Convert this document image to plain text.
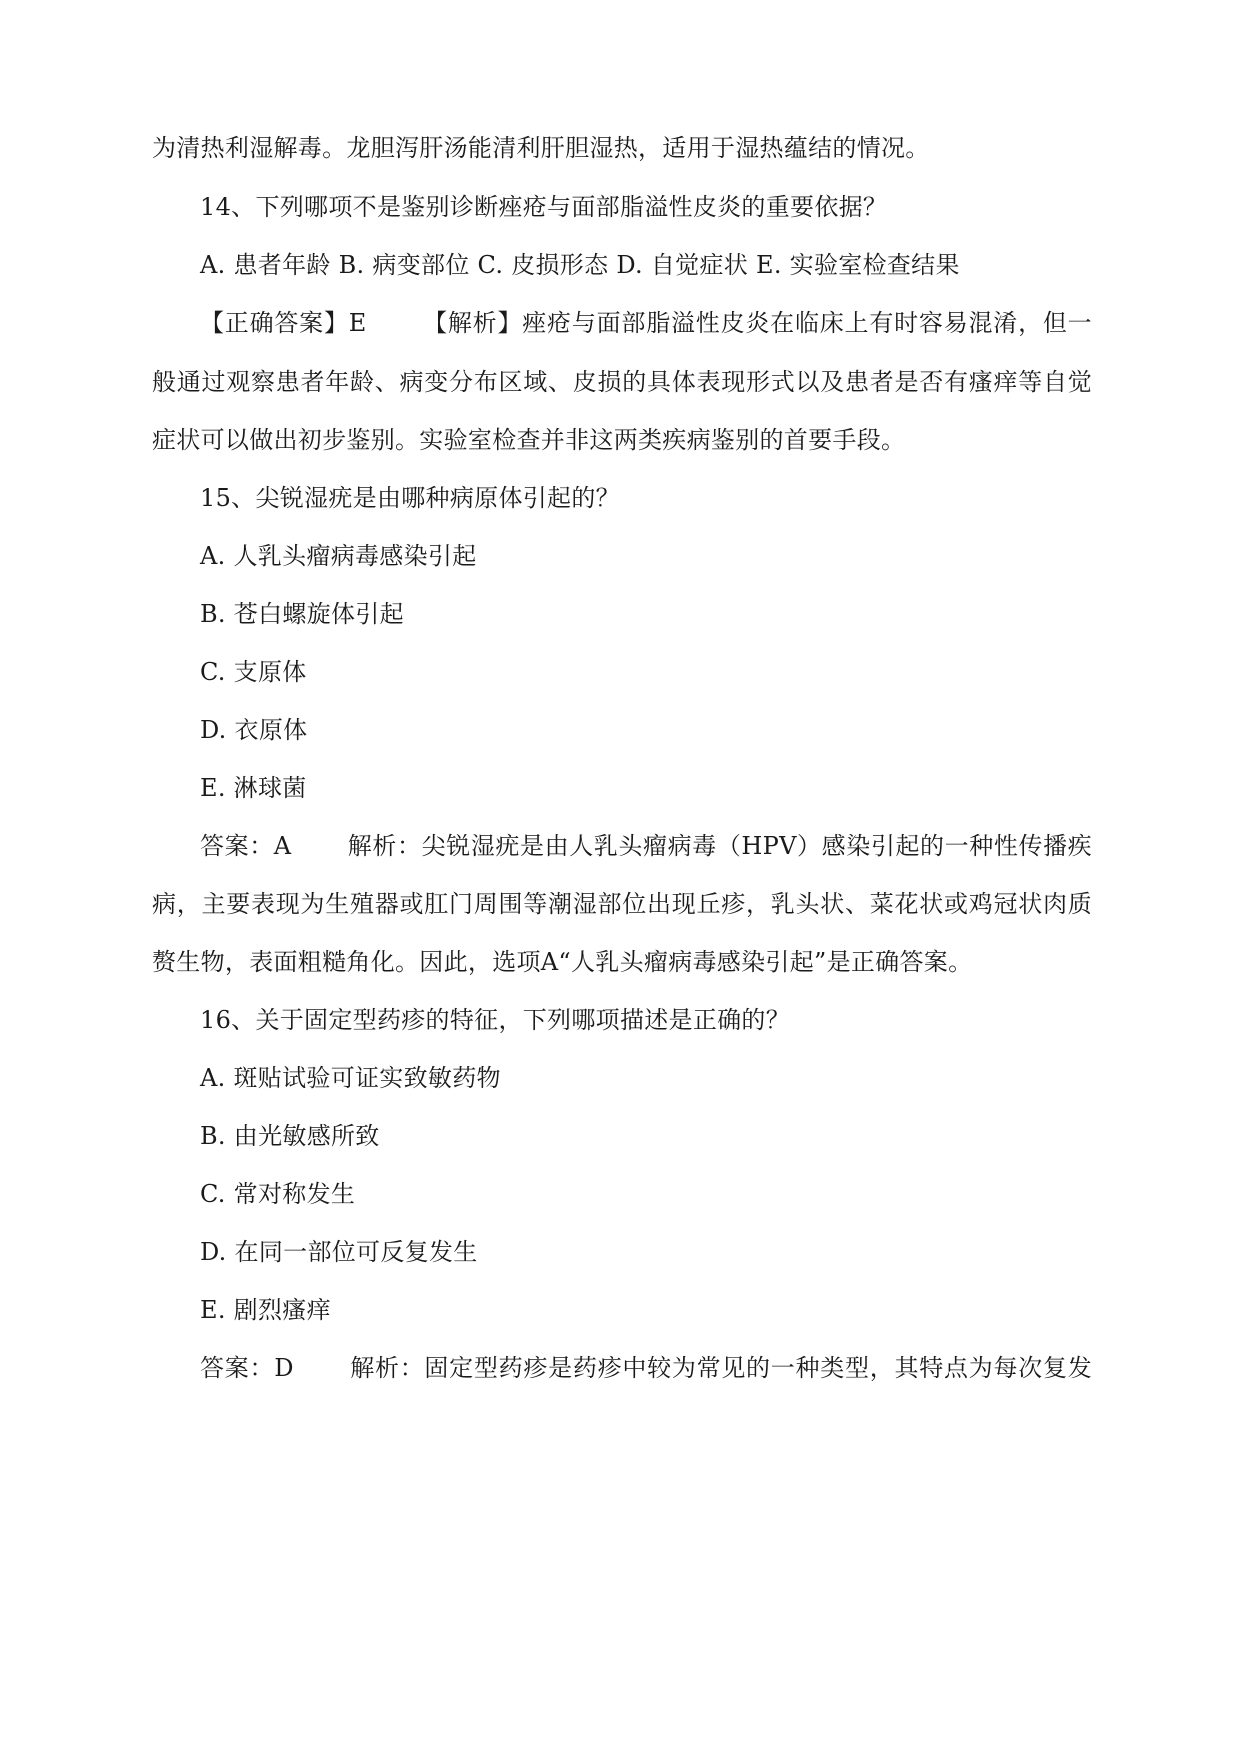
为清热利湿解毒。龙胆泻肝汤能清利肝胆湿热，适用于湿热蕴结的情况。
14、下列哪项不是鉴别诊断痤疮与面部脂溢性皮炎的重要依据？
A. 患者年龄 B. 病变部位 C. 皮损形态 D. 自觉症状 E. 实验室检查结果
【正确答案】E 【解析】痤疮与面部脂溢性皮炎在临床上有时容易混淆，但一
般通过观察患者年龄、病变分布区域、皮损的具体表现形式以及患者是否有瘙痒等自觉
症状可以做出初步鉴别。实验室检查并非这两类疾病鉴别的首要手段。
15、尖锐湿疣是由哪种病原体引起的？
A. 人乳头瘤病毒感染引起
B. 苍白螺旋体引起
C. 支原体
D. 衣原体
E. 淋球菌
答案：A 解析：尖锐湿疣是由人乳头瘤病毒（HPV）感染引起的一种性传播疾
病，主要表现为生殖器或肛门周围等潮湿部位出现丘疹，乳头状、菜花状或鸡冠状肉质
赘生物，表面粗糙角化。因此，选项A“人乳头瘤病毒感染引起”是正确答案。
16、关于固定型药疹的特征，下列哪项描述是正确的？
A. 斑贴试验可证实致敏药物
B. 由光敏感所致
C. 常对称发生
D. 在同一部位可反复发生
E. 剧烈瘙痒
答案：D 解析：固定型药疹是药疹中较为常见的一种类型，其特点为每次复发
